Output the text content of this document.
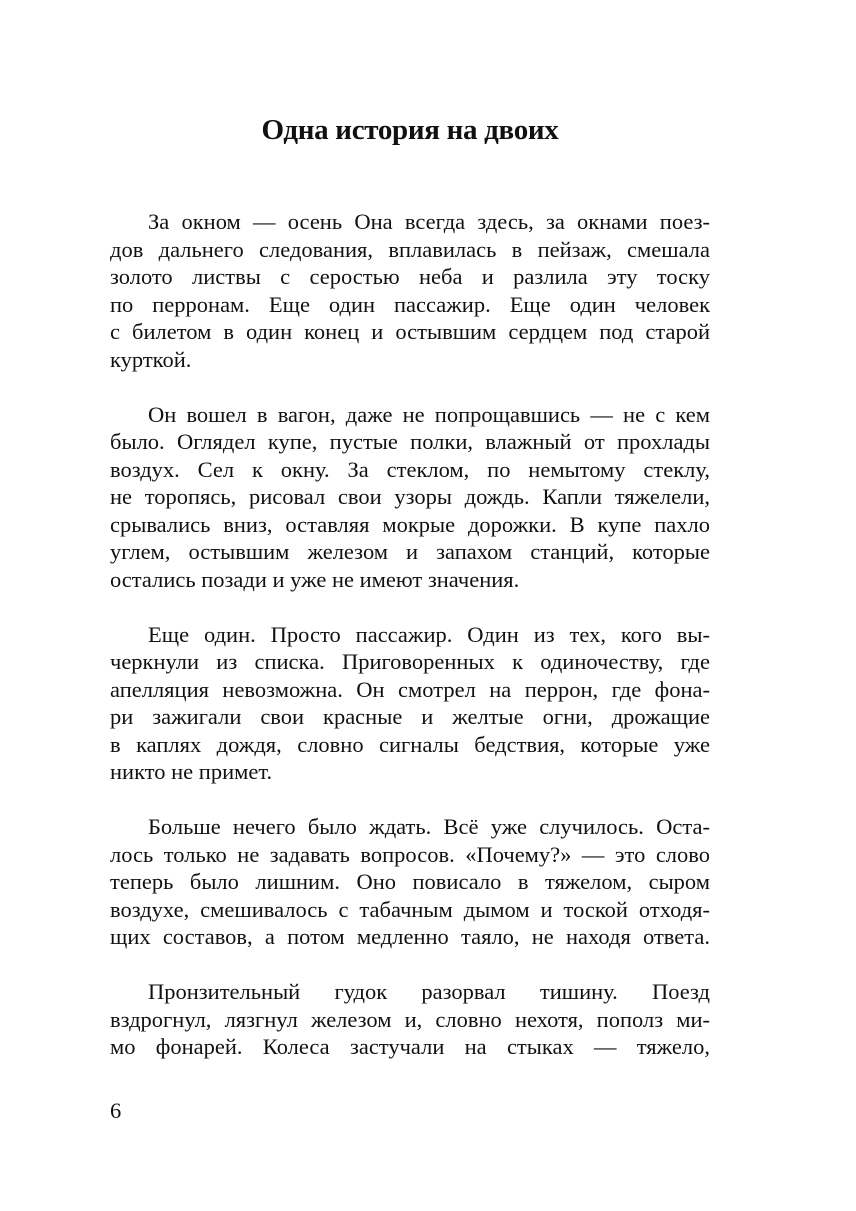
Одна история на двоих

За окном — осень Она всегда здесь, за окнами поез-
дов дальнего следования, вплавилась в пейзаж, смешала
золото листвы с серостью неба и разлила эту тоску
по перронам. Еще один пассажир. Еще один человек
с билетом в один конец и остывшим сердцем под старой
курткой.

Он вошел в вагон, даже не попрощавшись — не с кем
было. Оглядел купе, пустые полки, влажный от прохлады
воздух. Сел к окну. За стеклом, по немытому стеклу,
не торопясь, рисовал свои узоры дождь. Капли тяжелели,
срывались вниз, оставляя мокрые дорожки. В купе пахло
углем, остывшим железом и запахом станций, которые
остались позади и уже не имеют значения.

Еще один. Просто пассажир. Один из тех, кого вы-
черкнули из списка. Приговоренных к одиночеству, где
апелляция невозможна. Он смотрел на перрон, где фона-
ри зажигали свои красные и желтые огни, дрожащие
в каплях дождя, словно сигналы бедствия, которые уже
никто не примет.

Больше нечего было ждать. Всё уже случилось. Оста-
лось только не задавать вопросов. «Почему?» — это слово
теперь было лишним. Оно повисало в тяжелом, сыром
воздухе, смешивалось с табачным дымом и тоской отходя-
щих составов, а потом медленно таяло, не находя ответа.

Пронзительный гудок разорвал тишину. Поезд
вздрогнул, лязгнул железом и, словно нехотя, пополз ми-
мо фонарей. Колеса застучали на стыках — тяжело,

6
